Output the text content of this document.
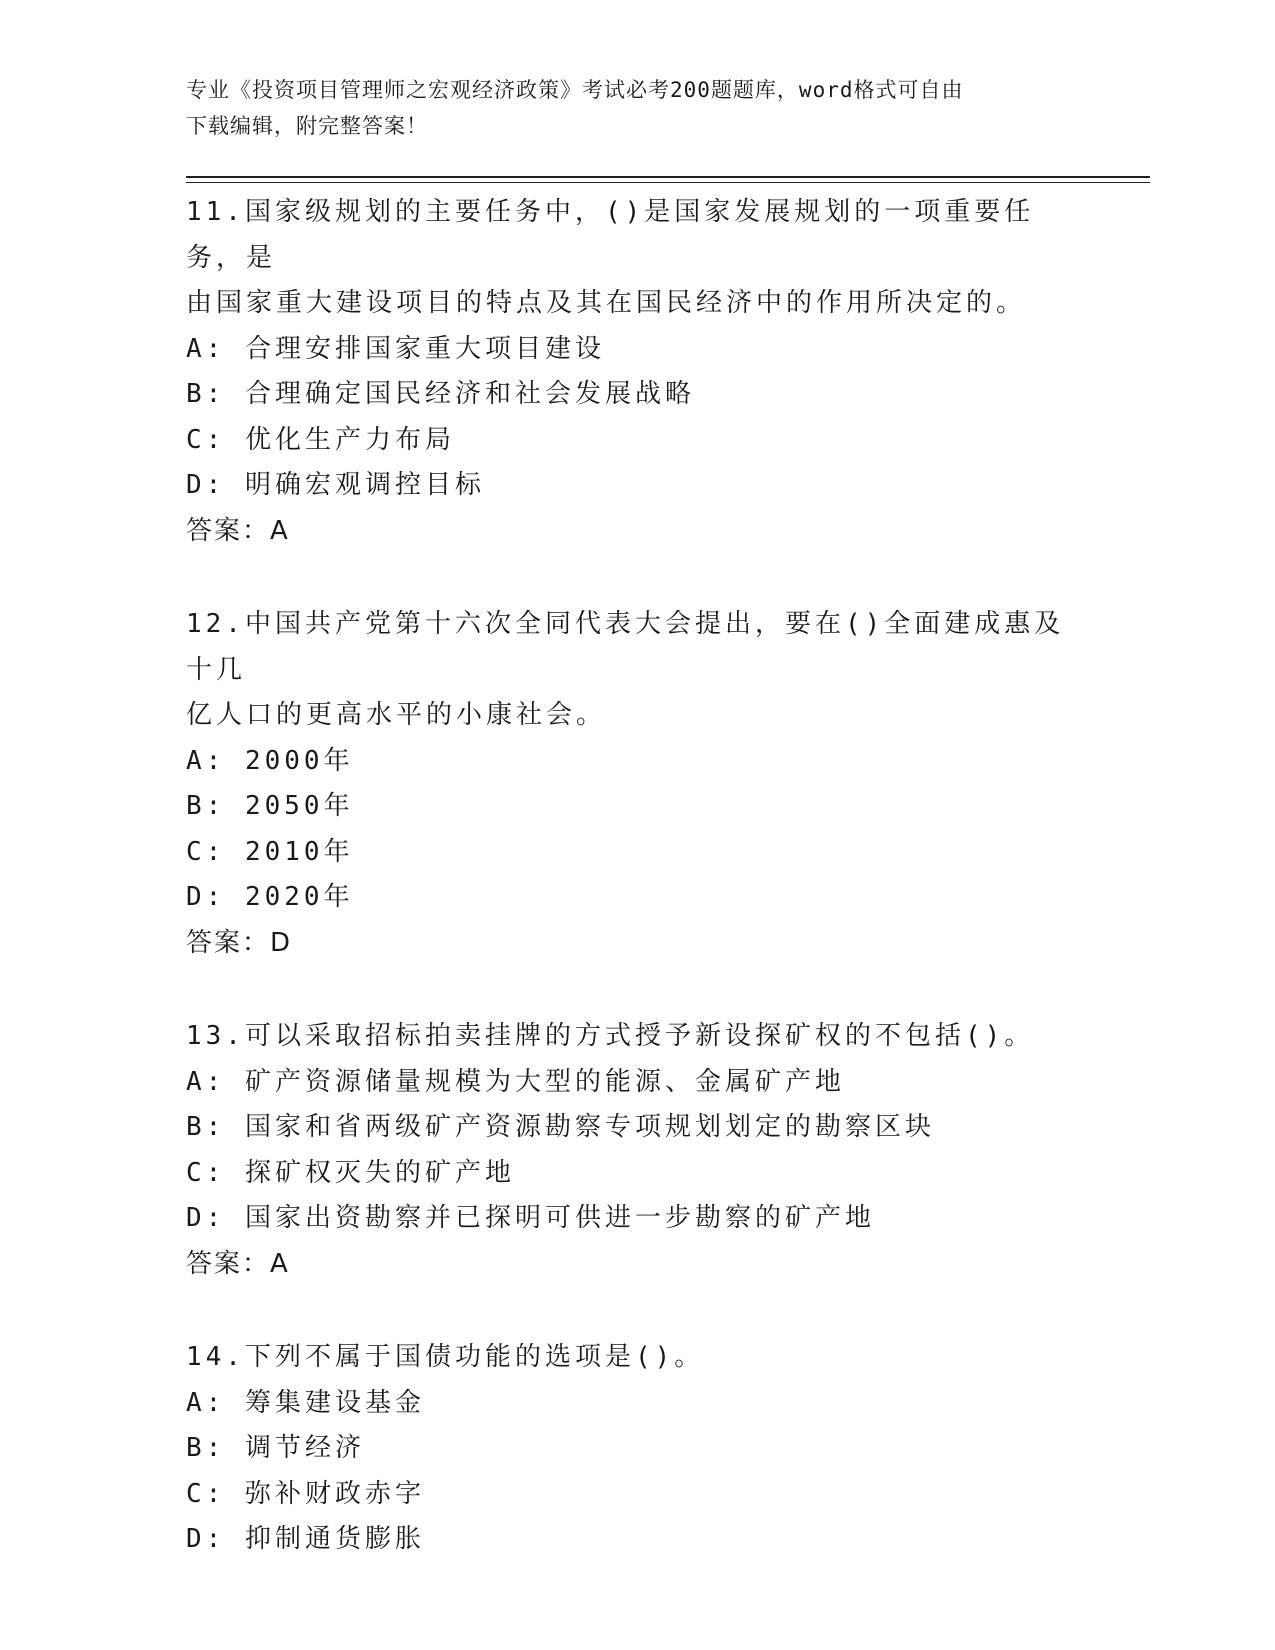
专业《投资项目管理师之宏观经济政策》考试必考200题题库，word格式可自由
下载编辑，附完整答案！
11.国家级规划的主要任务中，()是国家发展规划的一项重要任务，是
由国家重大建设项目的特点及其在国民经济中的作用所决定的。
A: 合理安排国家重大项目建设
B: 合理确定国民经济和社会发展战略
C: 优化生产力布局
D: 明确宏观调控目标
答案：A
12.中国共产党第十六次全同代表大会提出，要在()全面建成惠及十几
亿人口的更高水平的小康社会。
A: 2000年
B: 2050年
C: 2010年
D: 2020年
答案：D
13.可以采取招标拍卖挂牌的方式授予新设探矿权的不包括()。
A: 矿产资源储量规模为大型的能源、金属矿产地
B: 国家和省两级矿产资源勘察专项规划划定的勘察区块
C: 探矿权灭失的矿产地
D: 国家出资勘察并已探明可供进一步勘察的矿产地
答案：A
14.下列不属于国债功能的选项是()。
A: 筹集建设基金
B: 调节经济
C: 弥补财政赤字
D: 抑制通货膨胀
